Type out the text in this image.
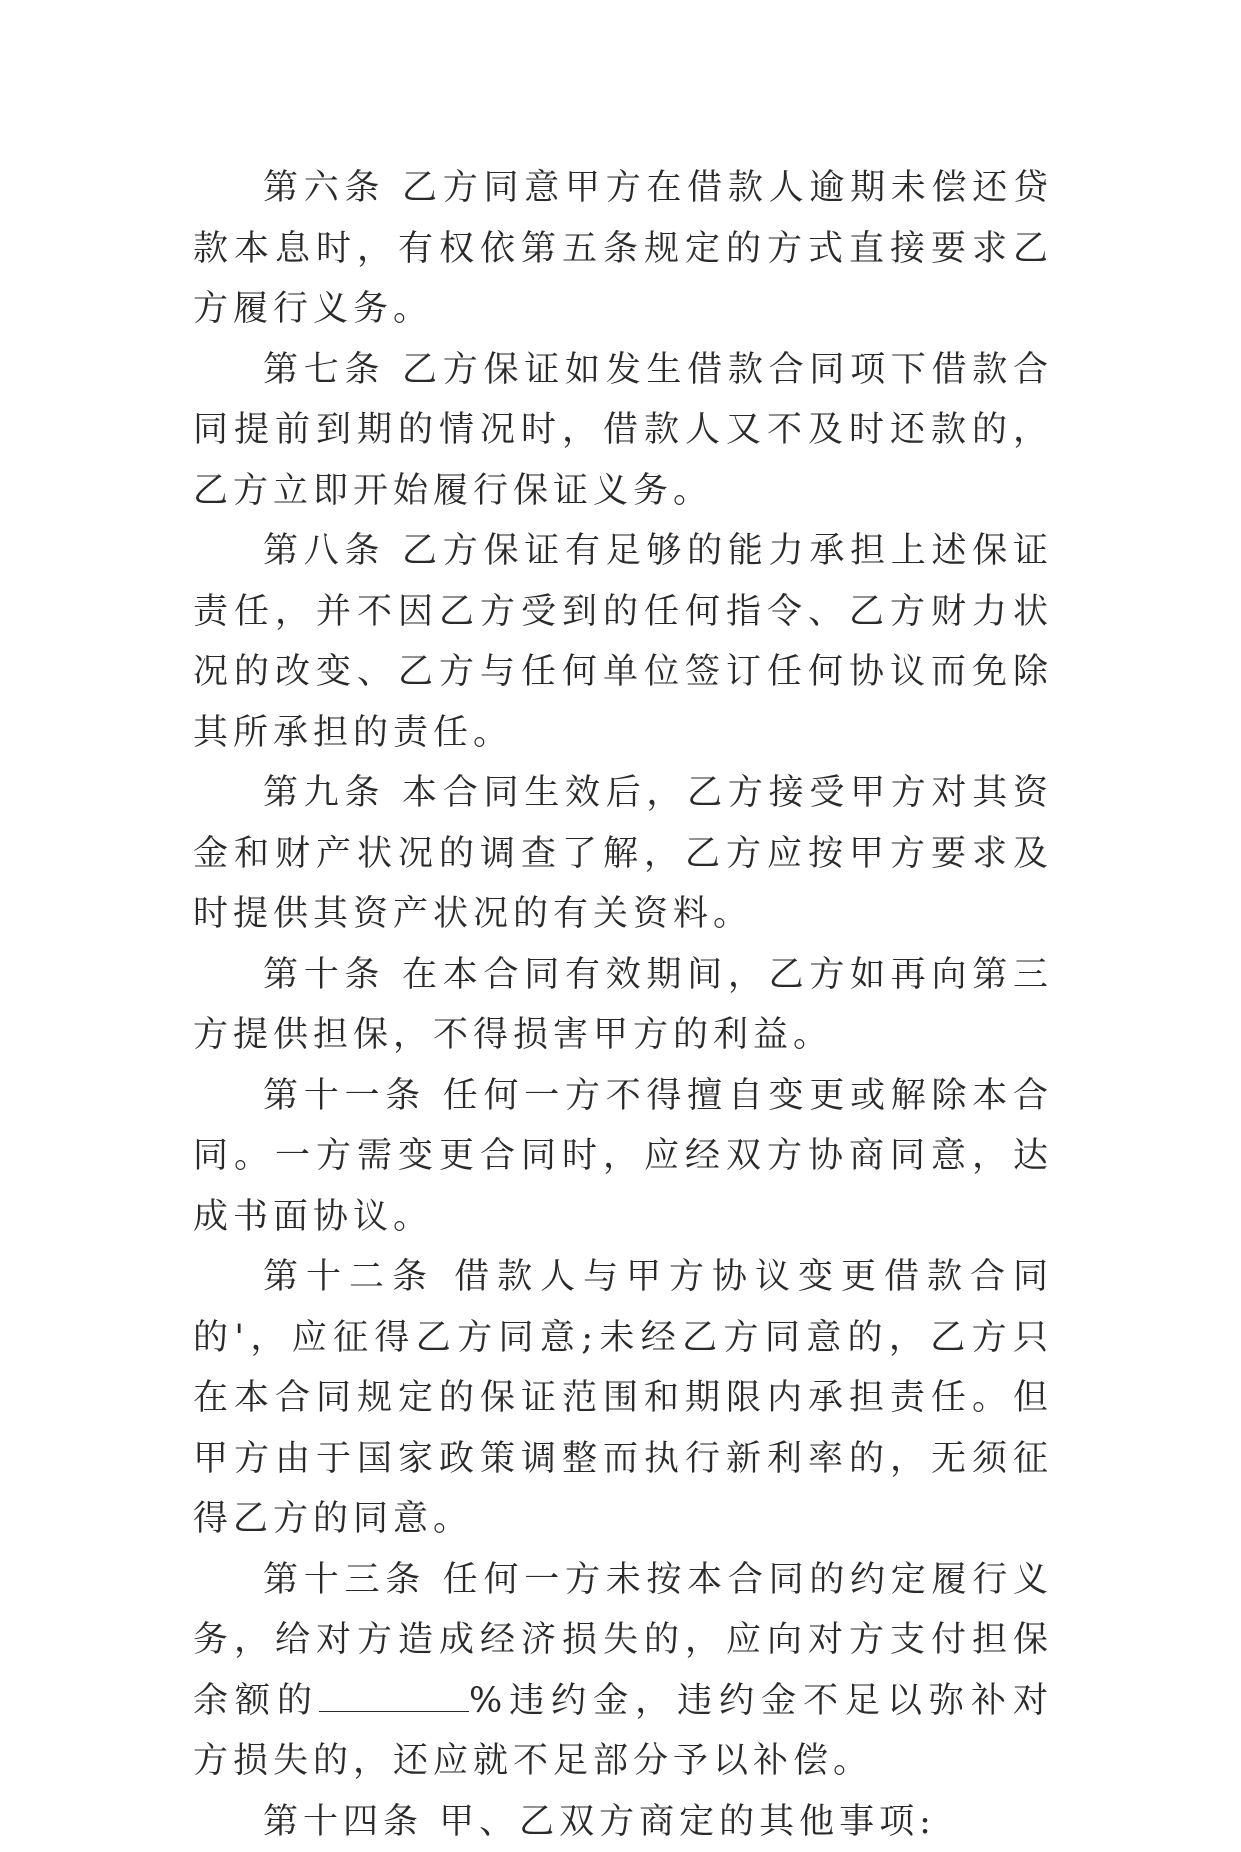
第六条 乙方同意甲方在借款人逾期未偿还贷款本息时，有权依第五条规定的方式直接要求乙方履行义务。

第七条 乙方保证如发生借款合同项下借款合同提前到期的情况时，借款人又不及时还款的，乙方立即开始履行保证义务。

第八条 乙方保证有足够的能力承担上述保证责任，并不因乙方受到的任何指令、乙方财力状况的改变、乙方与任何单位签订任何协议而免除其所承担的责任。

第九条 本合同生效后，乙方接受甲方对其资金和财产状况的调查了解，乙方应按甲方要求及时提供其资产状况的有关资料。

第十条 在本合同有效期间，乙方如再向第三方提供担保，不得损害甲方的利益。

第十一条 任何一方不得擅自变更或解除本合同。一方需变更合同时，应经双方协商同意，达成书面协议。

第十二条 借款人与甲方协议变更借款合同的'，应征得乙方同意;未经乙方同意的，乙方只在本合同规定的保证范围和期限内承担责任。但甲方由于国家政策调整而执行新利率的，无须征得乙方的同意。

第十三条 任何一方未按本合同的约定履行义务，给对方造成经济损失的，应向对方支付担保余额的	%违约金，违约金不足以弥补对方损失的，还应就不足部分予以补偿。

第十四条 甲、乙双方商定的其他事项:
